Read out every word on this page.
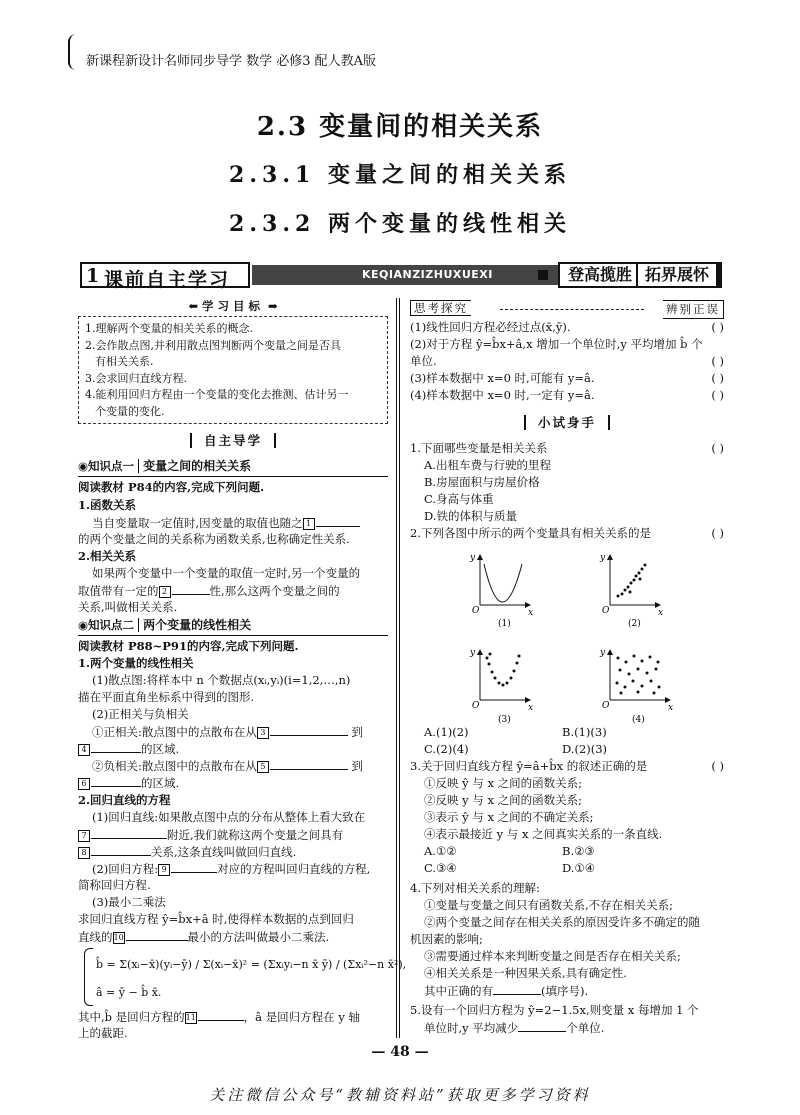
新课程新设计名师同步导学 数学 必修3 配人教A版
2.3 变量间的相关关系
2.3.1 变量之间的相关关系
2.3.2 两个变量的线性相关
1 课前自主学习	KEQIANZIZHUXUEXI	登高揽胜 拓界展怀
⬅ 学习目标 ➡
1.理解两个变量的相关关系的概念.
2.会作散点图,并利用散点图判断两个变量之间是否具
有相关关系.
3.会求回归直线方程.
4.能利用回归方程由一个变量的变化去推测、估计另一
个变量的变化.
自主导学
◉知识点一 变量之间的相关关系
阅读教材 P84的内容,完成下列问题.
1.函数关系
当自变量取一定值时,因变量的取值也随之 1
的两个变量之间的关系称为函数关系,也称确定性关系.
2.相关关系
如果两个变量中一个变量的取值一定时,另一个变量的
取值带有一定的 2	性,那么这两个变量之间的
关系,叫做相关关系.
◉知识点二 两个变量的线性相关
阅读教材 P88~P91的内容,完成下列问题.
1.两个变量的线性相关
(1)散点图:将样本中 n 个数据点(xᵢ,yᵢ)(i=1,2,…,n)
描在平面直角坐标系中得到的图形.
(2)正相关与负相关
①正相关:散点图中的点散布在从 3	到
4	的区域.
②负相关:散点图中的点散布在从 5	到
6	的区域.
2.回归直线的方程
(1)回归直线:如果散点图中点的分布从整体上看大致在
7	附近,我们就称这两个变量之间具有
8	关系,这条直线叫做回归直线.
(2)回归方程: 9	对应的方程叫回归直线的方程,
简称回归方程.
(3)最小二乘法
求回归直线方程 ŷ=b̂x+â 时,使得样本数据的点到回归
直线的10	最小的方法叫做最小二乘法.
b̂ = Σ(xᵢ−x̄)(yᵢ−ȳ) / Σ(xᵢ−x̄)² = (Σxᵢyᵢ−n x̄ ȳ) / (Σxᵢ²−n x̄²),
â = ȳ − b̂ x̄.
其中,b̂ 是回归方程的11	，â 是回归方程在 y 轴
上的截距.
思考探究	辨别正误
(1)线性回归方程必经过点(x̄,ȳ).	( )
(2)对于方程 ŷ=b̂x+â,x 增加一个单位时,y 平均增加 b̂ 个
单位.	( )
(3)样本数据中 x=0 时,可能有 y=â.	( )
(4)样本数据中 x=0 时,一定有 y=â.	( )
小试身手
1.下面哪些变量是相关关系	( )
A.出租车费与行驶的里程
B.房屋面积与房屋价格
C.身高与体重
D.铁的体积与质量
2.下列各图中所示的两个变量具有相关关系的是	( )
O	x
y
(1)
O	x
y
(2)
O	x
y
(3)
O	x
y
(4)
A.(1)(2)	B.(1)(3)
C.(2)(4)	D.(2)(3)
3.关于回归直线方程 ŷ=â+b̂x 的叙述正确的是	( )
①反映 ŷ 与 x 之间的函数关系;
②反映 y 与 x 之间的函数关系;
③表示 ŷ 与 x 之间的不确定关系;
④表示最接近 y 与 x 之间真实关系的一条直线.
A.①②	B.②③
C.③④	D.①④
4.下列对相关关系的理解:
①变量与变量之间只有函数关系,不存在相关关系;
②两个变量之间存在相关关系的原因受许多不确定的随
机因素的影响;
③需要通过样本来判断变量之间是否存在相关关系;
④相关关系是一种因果关系,具有确定性.
其中正确的有	(填序号).
5.设有一个回归方程为 ŷ=2−1.5x,则变量 x 每增加 1 个
单位时,y 平均减少	个单位.
— 48 —
关注微信公众号“教辅资料站”获取更多学习资料
